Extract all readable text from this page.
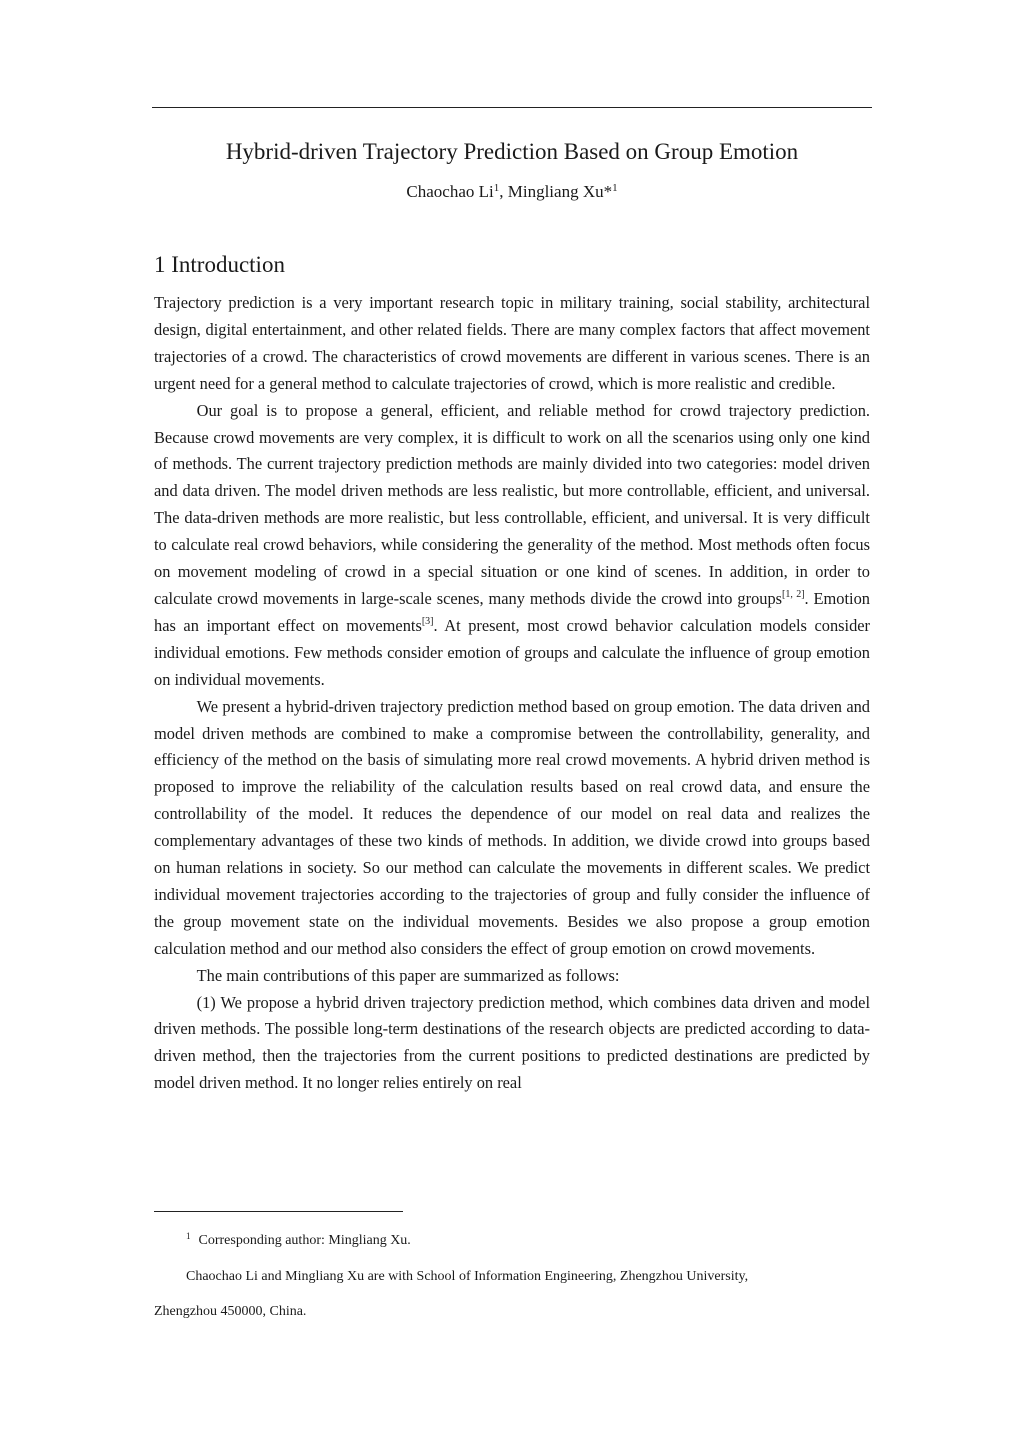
Hybrid-driven Trajectory Prediction Based on Group Emotion
Chaochao Li$^1$, Mingliang Xu*$^1$
1 Introduction

Trajectory prediction is a very important research topic in military training, social stability, architectural design, digital entertainment, and other related fields. There are many complex factors that affect movement trajectories of a crowd. The characteristics of crowd movements are different in various scenes. There is an urgent need for a general method to calculate trajectories of crowd, which is more realistic and credible.

Our goal is to propose a general, efficient, and reliable method for crowd trajectory prediction. Because crowd movements are very complex, it is difficult to work on all the scenarios using only one kind of methods. The current trajectory prediction methods are mainly divided into two categories: model driven and data driven. The model driven methods are less realistic, but more controllable, efficient, and universal. The data-driven methods are more realistic, but less controllable, efficient, and universal. It is very difficult to calculate real crowd behaviors, while considering the generality of the method. Most methods often focus on movement modeling of crowd in a special situation or one kind of scenes. In addition, in order to calculate crowd movements in large-scale scenes, many methods divide the crowd into groups[1, 2]. Emotion has an important effect on movements[3]. At present, most crowd behavior calculation models consider individual emotions. Few methods consider emotion of groups and calculate the influence of group emotion on individual movements.

We present a hybrid-driven trajectory prediction method based on group emotion. The data driven and model driven methods are combined to make a compromise between the controllability, generality, and efficiency of the method on the basis of simulating more real crowd movements. A hybrid driven method is proposed to improve the reliability of the calculation results based on real crowd data, and ensure the controllability of the model. It reduces the dependence of our model on real data and realizes the complementary advantages of these two kinds of methods. In addition, we divide crowd into groups based on human relations in society. So our method can calculate the movements in different scales. We predict individual movement trajectories according to the trajectories of group and fully consider the influence of the group movement state on the individual movements. Besides we also propose a group emotion calculation method and our method also considers the effect of group emotion on crowd movements.

The main contributions of this paper are summarized as follows:

(1) We propose a hybrid driven trajectory prediction method, which combines data driven and model driven methods. The possible long-term destinations of the research objects are predicted according to data-driven method, then the trajectories from the current positions to predicted destinations are predicted by model driven method. It no longer relies entirely on real

$^1$ Corresponding author: Mingliang Xu.

Chaochao Li and Mingliang Xu are with School of Information Engineering, Zhengzhou University,

Zhengzhou 450000, China.
